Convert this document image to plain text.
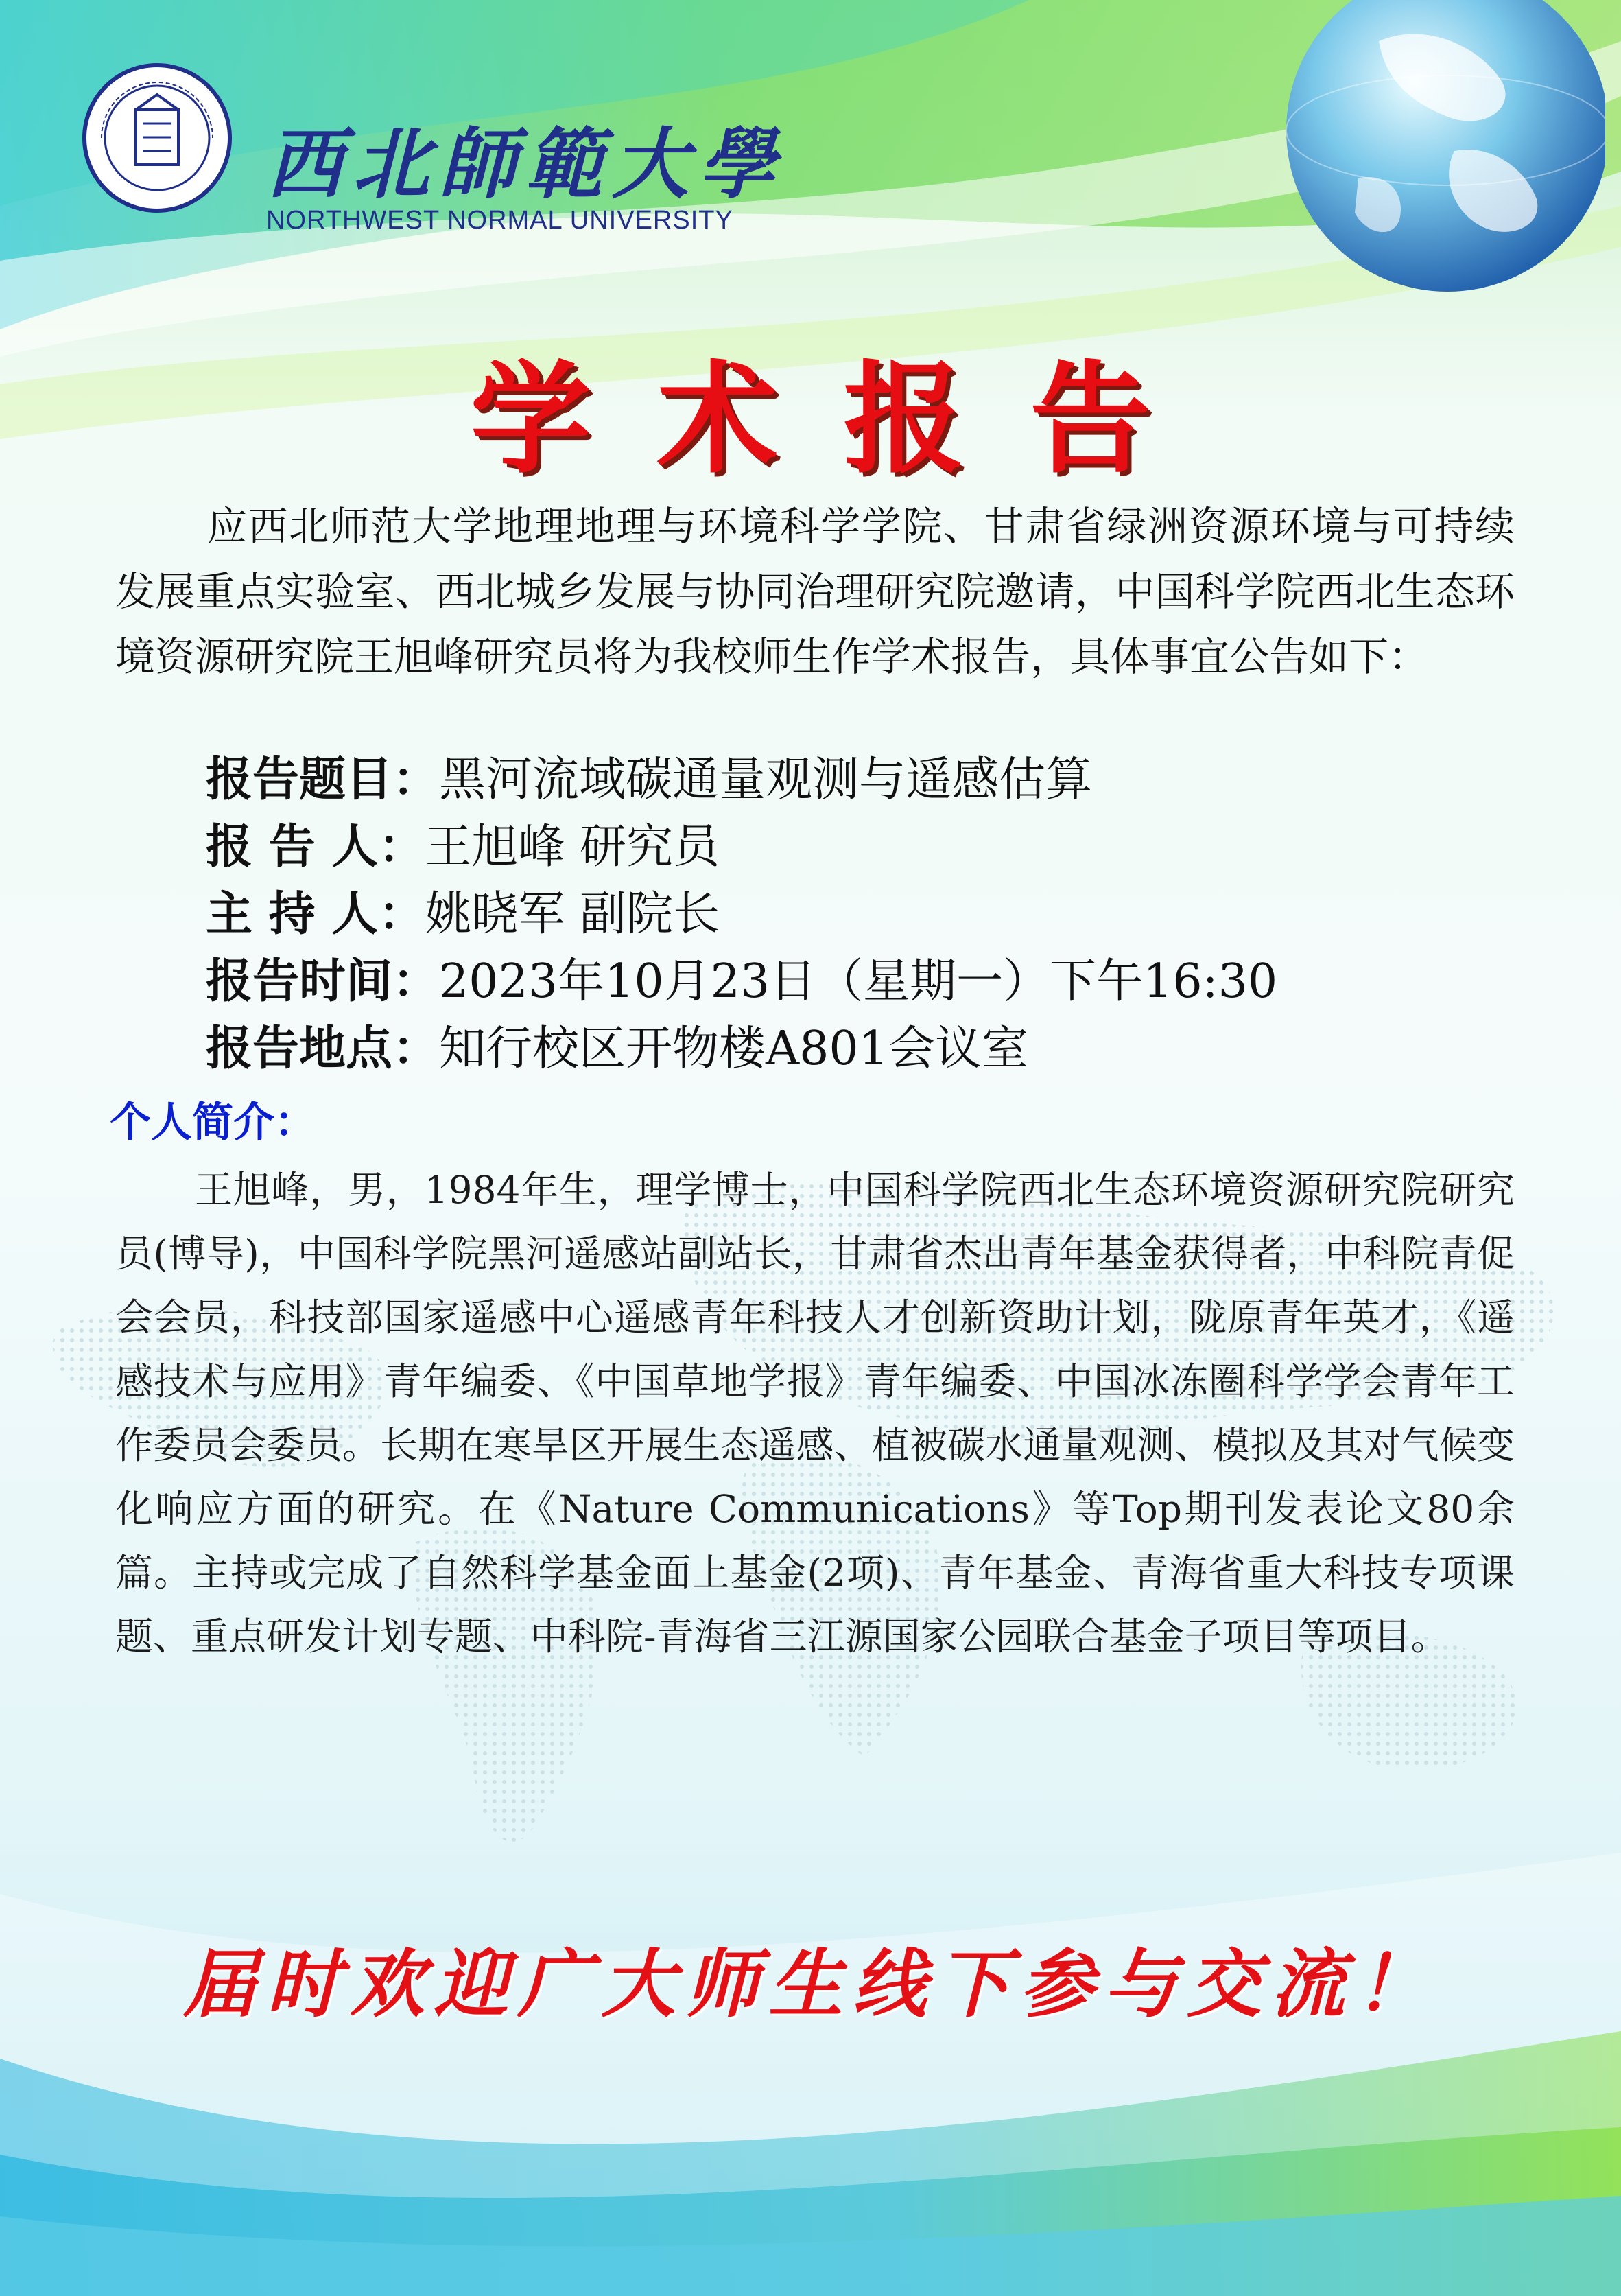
西北師範大學
NORTHWEST NORMAL UNIVERSITY
学术报告
应西北师范大学地理地理与环境科学学院、甘肃省绿洲资源环境与可持续发展重点实验室、西北城乡发展与协同治理研究院邀请，中国科学院西北生态环境资源研究院王旭峰研究员将为我校师生作学术报告，具体事宜公告如下：
报告题目：黑河流域碳通量观测与遥感估算
报 告 人：王旭峰 研究员
主 持 人：姚晓军 副院长
报告时间：2023年10月23日（星期一）下午16:30
报告地点：知行校区开物楼A801会议室
个人简介：
王旭峰，男，1984年生，理学博士，中国科学院西北生态环境资源研究院研究员(博导)，中国科学院黑河遥感站副站长，甘肃省杰出青年基金获得者，中科院青促会会员，科技部国家遥感中心遥感青年科技人才创新资助计划，陇原青年英才，《遥感技术与应用》青年编委、《中国草地学报》青年编委、中国冰冻圈科学学会青年工作委员会委员。长期在寒旱区开展生态遥感、植被碳水通量观测、模拟及其对气候变化响应方面的研究。在《Nature Communications》等Top期刊发表论文80余篇。主持或完成了自然科学基金面上基金(2项)、青年基金、青海省重大科技专项课题、重点研发计划专题、中科院-青海省三江源国家公园联合基金子项目等项目。
届时欢迎广大师生线下参与交流！
